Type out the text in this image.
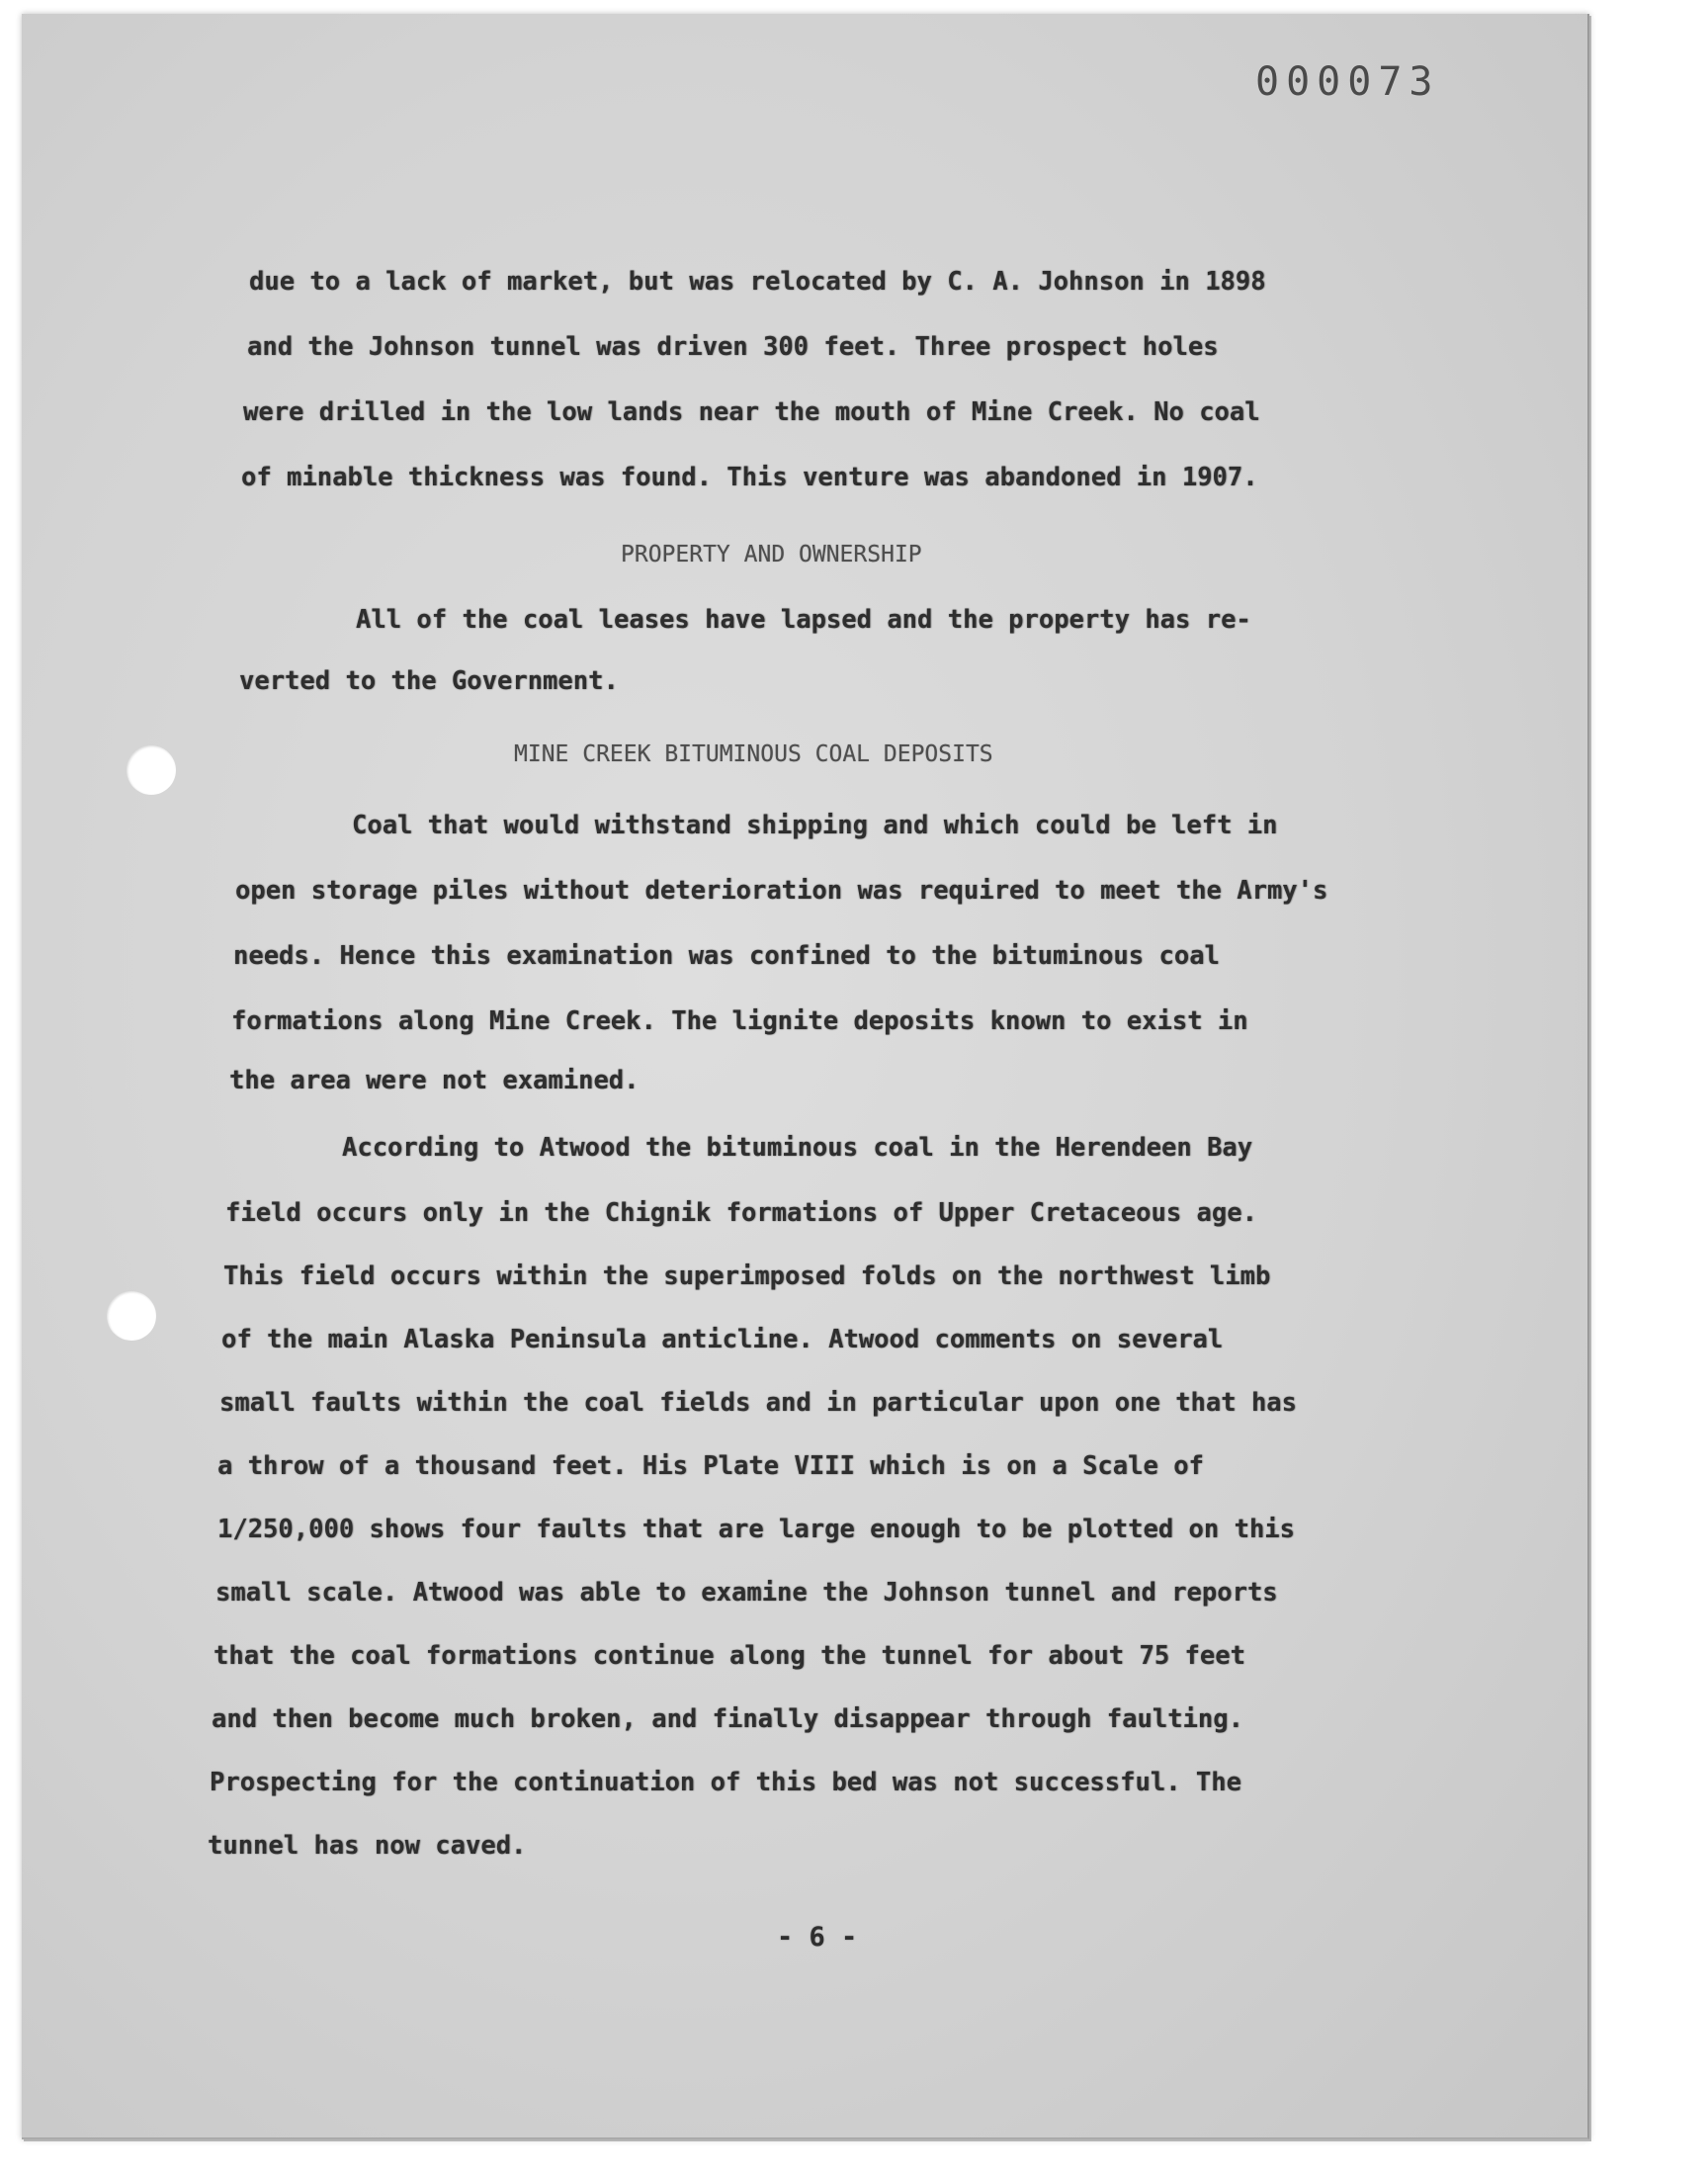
000073
due to a lack of market, but was relocated by C. A. Johnson in 1898
and the Johnson tunnel was driven 300 feet. Three prospect holes
were drilled in the low lands near the mouth of Mine Creek. No coal
of minable thickness was found. This venture was abandoned in 1907.
PROPERTY AND OWNERSHIP
All of the coal leases have lapsed and the property has re-
verted to the Government.
MINE CREEK BITUMINOUS COAL DEPOSITS
Coal that would withstand shipping and which could be left in
open storage piles without deterioration was required to meet the Army's
needs. Hence this examination was confined to the bituminous coal
formations along Mine Creek. The lignite deposits known to exist in
the area were not examined.
According to Atwood the bituminous coal in the Herendeen Bay
field occurs only in the Chignik formations of Upper Cretaceous age.
This field occurs within the superimposed folds on the northwest limb
of the main Alaska Peninsula anticline. Atwood comments on several
small faults within the coal fields and in particular upon one that has
a throw of a thousand feet. His Plate VIII which is on a Scale of
1/250,000 shows four faults that are large enough to be plotted on this
small scale. Atwood was able to examine the Johnson tunnel and reports
that the coal formations continue along the tunnel for about 75 feet
and then become much broken, and finally disappear through faulting.
Prospecting for the continuation of this bed was not successful. The
tunnel has now caved.
- 6 -
